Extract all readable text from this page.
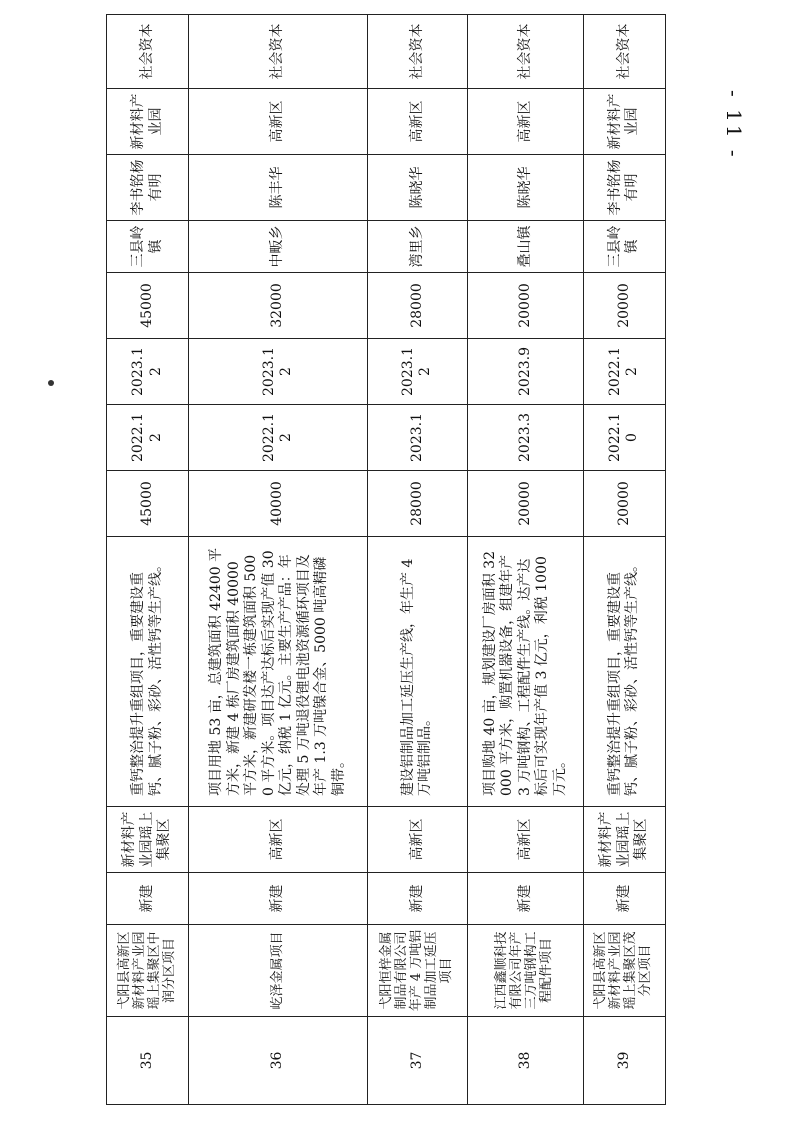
- 11 -
35	弋阳县高新区新材料产业园瑶上集聚区中润分区项目	新建	新材料产业园瑶上集聚区	重钙整治提升重组项目，重要建设重钙、腻子粉、彩砂、活性钙等生产线。	45000	2022.12	2023.12	45000	三县岭镇	李书铭杨有明	新材料产业园	社会资本
36	屹泽金属项目	新建	高新区	项目用地 53 亩，总建筑面积 42400 平方米，新建 4 栋厂房建筑面积 40000 平方米，新建研发楼一栋建筑面积 5000 平方米。项目达产达标后实现产值 30 亿元，纳税 1 亿元。主要生产产品：年处理 5 万吨退役锂电池资源循环项目及年产 1.3 万吨镍合金、5000 吨高精磷铜带。	40000	2022.12	2023.12	32000	中畈乡	陈丰华	高新区	社会资本
37	弋阳恒梓金属制品有限公司年产 4 万吨铝制品加工延压项目	新建	高新区	建设铝制品加工延压生产线，年生产 4 万吨铝制品。	28000	2023.1	2023.12	28000	湾里乡	陈晓华	高新区	社会资本
38	江西鑫顺科技有限公司年产三万吨钢构工程配件项目	新建	高新区	项目购地 40 亩，规划建设厂房面积 32000 平方米，购置机器设备，组建年产 3 万吨钢构、工程配件生产线。达产达标后可实现年产值 3 亿元，利税 1000 万元。	20000	2023.3	2023.9	20000	叠山镇	陈晓华	高新区	社会资本
39	弋阳县高新区新材料产业园瑶上集聚区茂分区项目	新建	新材料产业园瑶上集聚区	重钙整治提升重组项目，重要建设重钙、腻子粉、彩砂、活性钙等生产线。	20000	2022.10	2022.12	20000	三县岭镇	李书铭杨有明	新材料产业园	社会资本
